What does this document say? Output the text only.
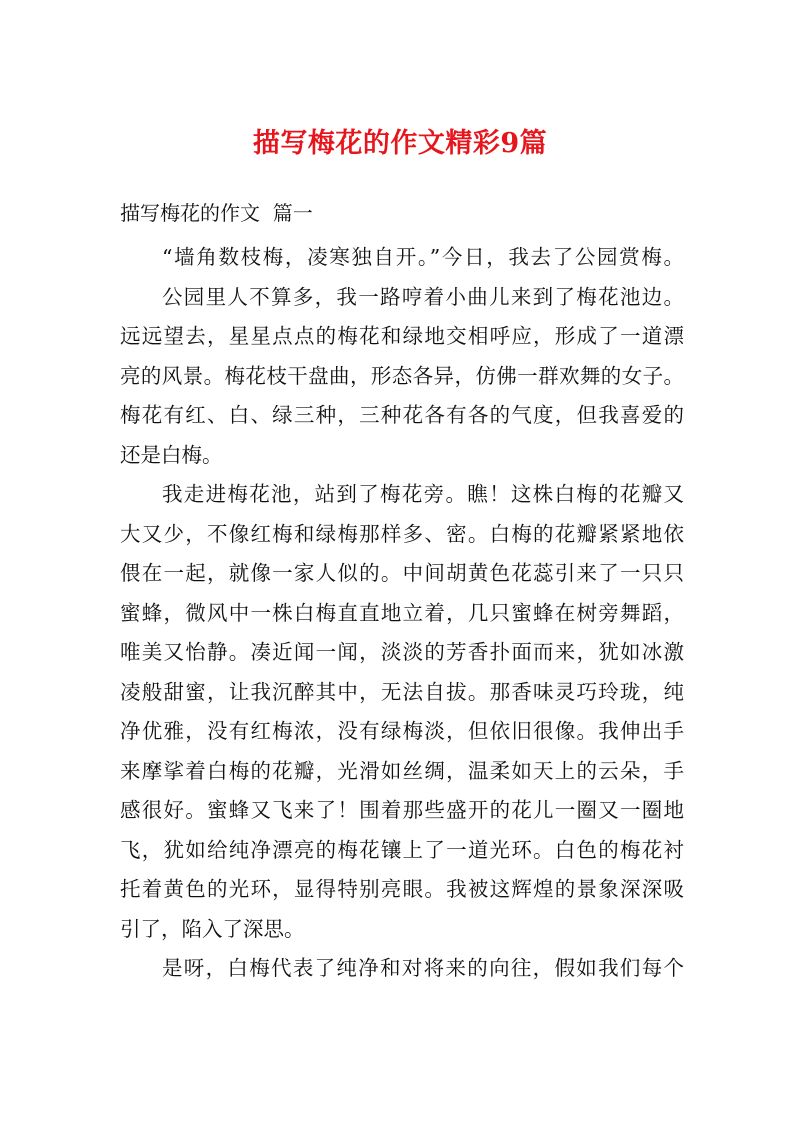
描写梅花的作文精彩9篇
描写梅花的作文  篇一
“墙角数枝梅，凌寒独自开。”今日，我去了公园赏梅。
公园里人不算多，我一路哼着小曲儿来到了梅花池边。
远远望去，星星点点的梅花和绿地交相呼应，形成了一道漂
亮的风景。梅花枝干盘曲，形态各异，仿佛一群欢舞的女子。
梅花有红、白、绿三种，三种花各有各的气度，但我喜爱的
还是白梅。
我走进梅花池，站到了梅花旁。瞧！这株白梅的花瓣又
大又少，不像红梅和绿梅那样多、密。白梅的花瓣紧紧地依
偎在一起，就像一家人似的。中间胡黄色花蕊引来了一只只
蜜蜂，微风中一株白梅直直地立着，几只蜜蜂在树旁舞蹈，
唯美又怡静。凑近闻一闻，淡淡的芳香扑面而来，犹如冰激
凌般甜蜜，让我沉醉其中，无法自拔。那香味灵巧玲珑，纯
净优雅，没有红梅浓，没有绿梅淡，但依旧很像。我伸出手
来摩挲着白梅的花瓣，光滑如丝绸，温柔如天上的云朵，手
感很好。蜜蜂又飞来了！围着那些盛开的花儿一圈又一圈地
飞，犹如给纯净漂亮的梅花镶上了一道光环。白色的梅花衬
托着黄色的光环，显得特别亮眼。我被这辉煌的景象深深吸
引了，陷入了深思。
是呀，白梅代表了纯净和对将来的向往，假如我们每个
